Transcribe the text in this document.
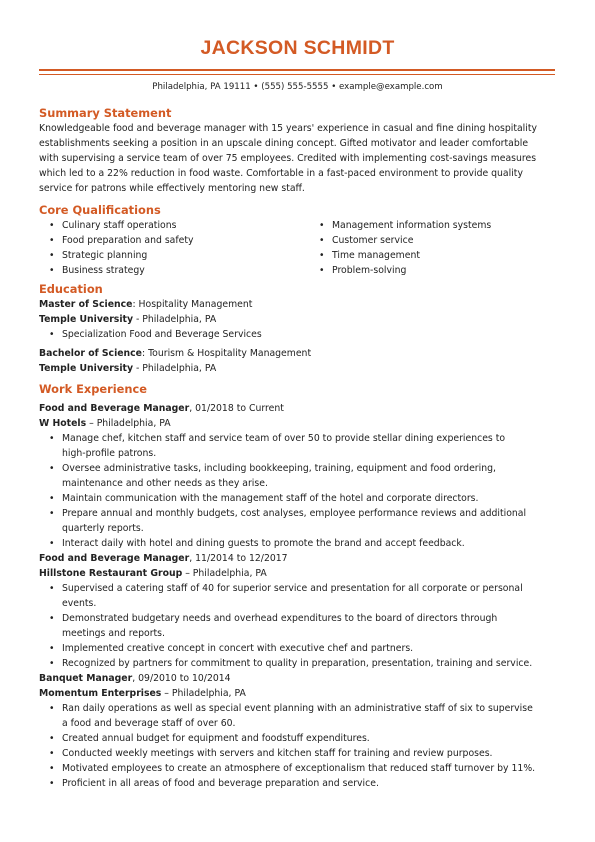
JACKSON SCHMIDT
Philadelphia, PA 19111 • (555) 555-5555 • example@example.com
Summary Statement

Knowledgeable food and beverage manager with 15 years' experience in casual and fine dining hospitality

establishments seeking a position in an upscale dining concept. Gifted motivator and leader comfortable

with supervising a service team of over 75 employees. Credited with implementing cost-savings measures

which led to a 22% reduction in food waste. Comfortable in a fast-paced environment to provide quality

service for patrons while effectively mentoring new staff.

Core Qualifications
• Culinary staff operations
• Food preparation and safety
• Strategic planning
• Business strategy
• Management information systems
• Customer service
• Time management
• Problem-solving
Education

Master of Science: Hospitality Management

Temple University - Philadelphia, PA

• Specialization Food and Beverage Services

Bachelor of Science: Tourism & Hospitality Management

Temple University - Philadelphia, PA

Work Experience

Food and Beverage Manager, 01/2018 to Current

W Hotels – Philadelphia, PA

• Manage chef, kitchen staff and service team of over 50 to provide stellar dining experiences to
high-profile patrons.
• Oversee administrative tasks, including bookkeeping, training, equipment and food ordering,
maintenance and other needs as they arise.
• Maintain communication with the management staff of the hotel and corporate directors.
• Prepare annual and monthly budgets, cost analyses, employee performance reviews and additional
quarterly reports.
• Interact daily with hotel and dining guests to promote the brand and accept feedback.

Food and Beverage Manager, 11/2014 to 12/2017

Hillstone Restaurant Group – Philadelphia, PA

• Supervised a catering staff of 40 for superior service and presentation for all corporate or personal
events.
• Demonstrated budgetary needs and overhead expenditures to the board of directors through
meetings and reports.
• Implemented creative concept in concert with executive chef and partners.
• Recognized by partners for commitment to quality in preparation, presentation, training and service.

Banquet Manager, 09/2010 to 10/2014

Momentum Enterprises – Philadelphia, PA

• Ran daily operations as well as special event planning with an administrative staff of six to supervise
a food and beverage staff of over 60.
• Created annual budget for equipment and foodstuff expenditures.
• Conducted weekly meetings with servers and kitchen staff for training and review purposes.
• Motivated employees to create an atmosphere of exceptionalism that reduced staff turnover by 11%.
• Proficient in all areas of food and beverage preparation and service.
